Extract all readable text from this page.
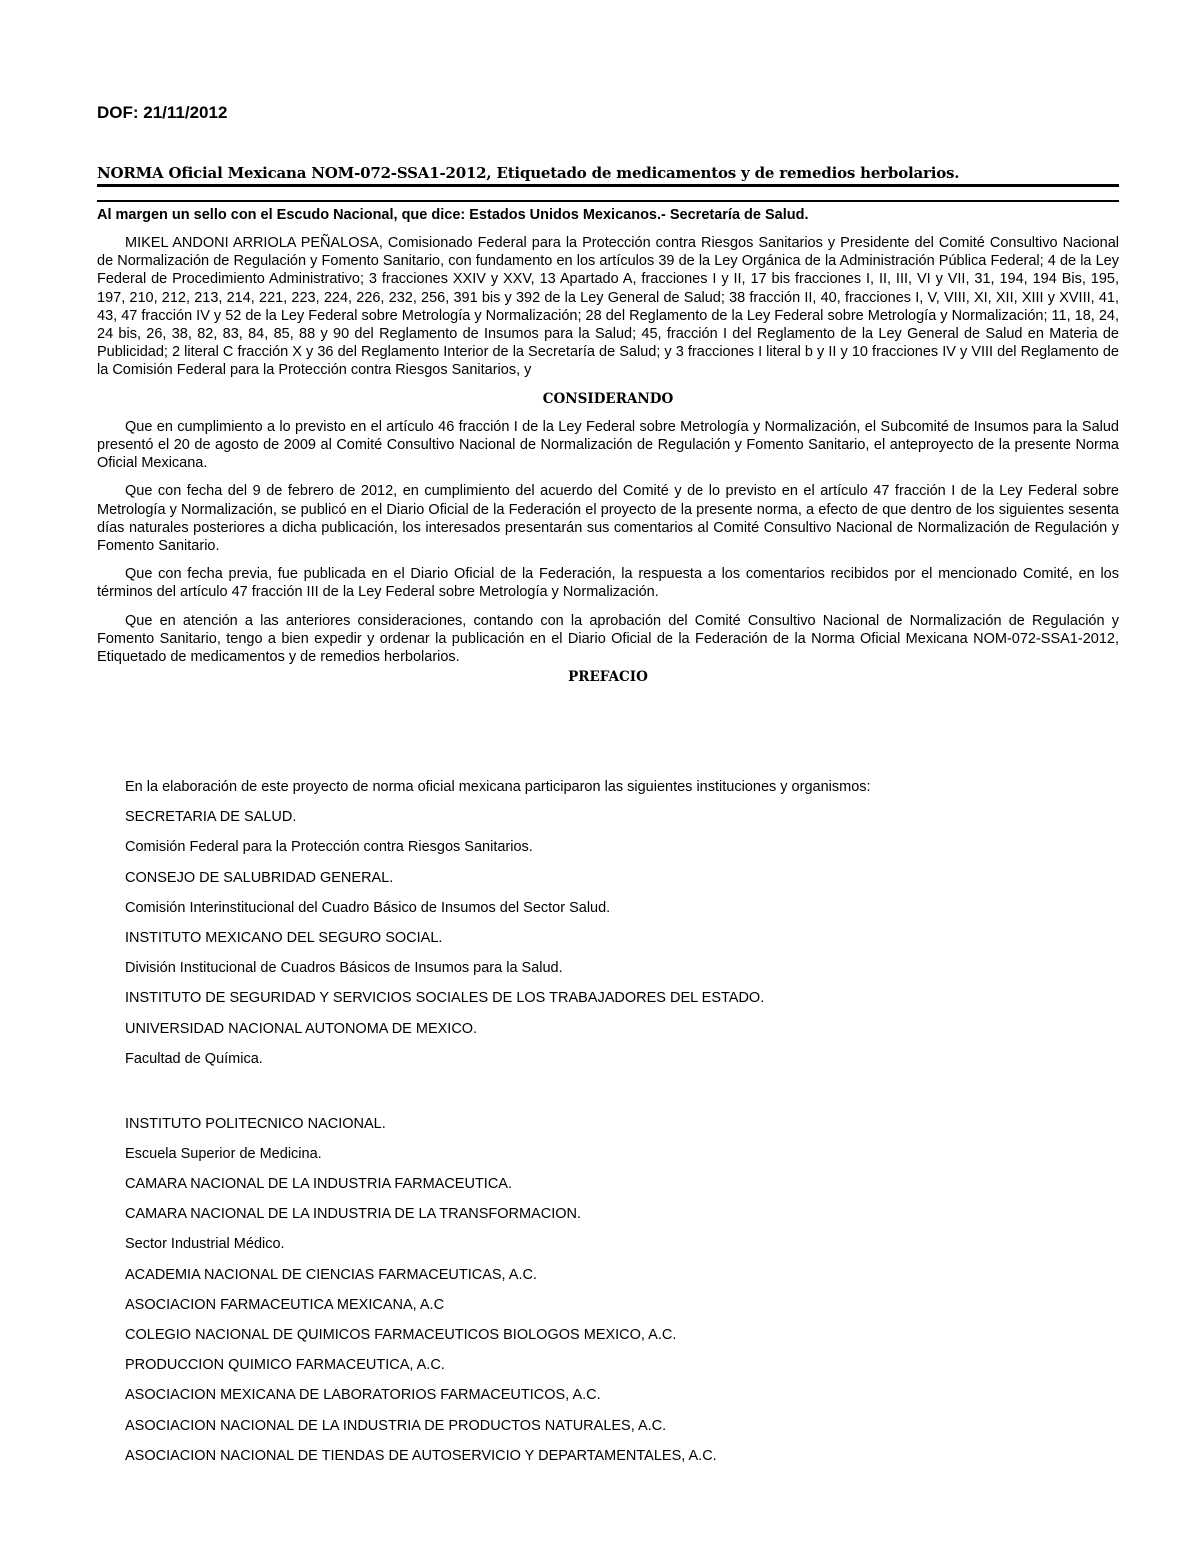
DOF: 21/11/2012
NORMA Oficial Mexicana NOM-072-SSA1-2012, Etiquetado de medicamentos y de remedios herbolarios.
Al margen un sello con el Escudo Nacional, que dice: Estados Unidos Mexicanos.- Secretaría de Salud.

MIKEL ANDONI ARRIOLA PEÑALOSA, Comisionado Federal para la Protección contra Riesgos Sanitarios y Presidente del Comité Consultivo Nacional de Normalización de Regulación y Fomento Sanitario, con fundamento en los artículos 39 de la Ley Orgánica de la Administración Pública Federal; 4 de la Ley Federal de Procedimiento Administrativo; 3 fracciones XXIV y XXV, 13 Apartado A, fracciones I y II, 17 bis fracciones I, II, III, VI y VII, 31, 194, 194 Bis, 195, 197, 210, 212, 213, 214, 221, 223, 224, 226, 232, 256, 391 bis y 392 de la Ley General de Salud; 38 fracción II, 40, fracciones I, V, VIII, XI, XII, XIII y XVIII, 41, 43, 47 fracción IV y 52 de la Ley Federal sobre Metrología y Normalización; 28 del Reglamento de la Ley Federal sobre Metrología y Normalización; 11, 18, 24, 24 bis, 26, 38, 82, 83, 84, 85, 88 y 90 del Reglamento de Insumos para la Salud; 45, fracción I del Reglamento de la Ley General de Salud en Materia de Publicidad; 2 literal C fracción X y 36 del Reglamento Interior de la Secretaría de Salud; y 3 fracciones I literal b y II y 10 fracciones IV y VIII del Reglamento de la Comisión Federal para la Protección contra Riesgos Sanitarios, y

CONSIDERANDO

Que en cumplimiento a lo previsto en el artículo 46 fracción I de la Ley Federal sobre Metrología y Normalización, el Subcomité de Insumos para la Salud presentó el 20 de agosto de 2009 al Comité Consultivo Nacional de Normalización de Regulación y Fomento Sanitario, el anteproyecto de la presente Norma Oficial Mexicana.

Que con fecha del 9 de febrero de 2012, en cumplimiento del acuerdo del Comité y de lo previsto en el artículo 47 fracción I de la Ley Federal sobre Metrología y Normalización, se publicó en el Diario Oficial de la Federación el proyecto de la presente norma, a efecto de que dentro de los siguientes sesenta días naturales posteriores a dicha publicación, los interesados presentarán sus comentarios al Comité Consultivo Nacional de Normalización de Regulación y Fomento Sanitario.

Que con fecha previa, fue publicada en el Diario Oficial de la Federación, la respuesta a los comentarios recibidos por el mencionado Comité, en los términos del artículo 47 fracción III de la Ley Federal sobre Metrología y Normalización.

Que en atención a las anteriores consideraciones, contando con la aprobación del Comité Consultivo Nacional de Normalización de Regulación y Fomento Sanitario, tengo a bien expedir y ordenar la publicación en el Diario Oficial de la Federación de la Norma Oficial Mexicana NOM-072-SSA1-2012, Etiquetado de medicamentos y de remedios herbolarios.

PREFACIO
En la elaboración de este proyecto de norma oficial mexicana participaron las siguientes instituciones y organismos:
SECRETARIA DE SALUD.
Comisión Federal para la Protección contra Riesgos Sanitarios.
CONSEJO DE SALUBRIDAD GENERAL.
Comisión Interinstitucional del Cuadro Básico de Insumos del Sector Salud.
INSTITUTO MEXICANO DEL SEGURO SOCIAL.
División Institucional de Cuadros Básicos de Insumos para la Salud.
INSTITUTO DE SEGURIDAD Y SERVICIOS SOCIALES DE LOS TRABAJADORES DEL ESTADO.
UNIVERSIDAD NACIONAL AUTONOMA DE MEXICO.
Facultad de Química.
INSTITUTO POLITECNICO NACIONAL.
Escuela Superior de Medicina.
CAMARA NACIONAL DE LA INDUSTRIA FARMACEUTICA.
CAMARA NACIONAL DE LA INDUSTRIA DE LA TRANSFORMACION.
Sector Industrial Médico.
ACADEMIA NACIONAL DE CIENCIAS FARMACEUTICAS, A.C.
ASOCIACION FARMACEUTICA MEXICANA, A.C
COLEGIO NACIONAL DE QUIMICOS FARMACEUTICOS BIOLOGOS MEXICO, A.C.
PRODUCCION QUIMICO FARMACEUTICA, A.C.
ASOCIACION MEXICANA DE LABORATORIOS FARMACEUTICOS, A.C.
ASOCIACION NACIONAL DE LA INDUSTRIA DE PRODUCTOS NATURALES, A.C.
ASOCIACION NACIONAL DE TIENDAS DE AUTOSERVICIO Y DEPARTAMENTALES, A.C.
